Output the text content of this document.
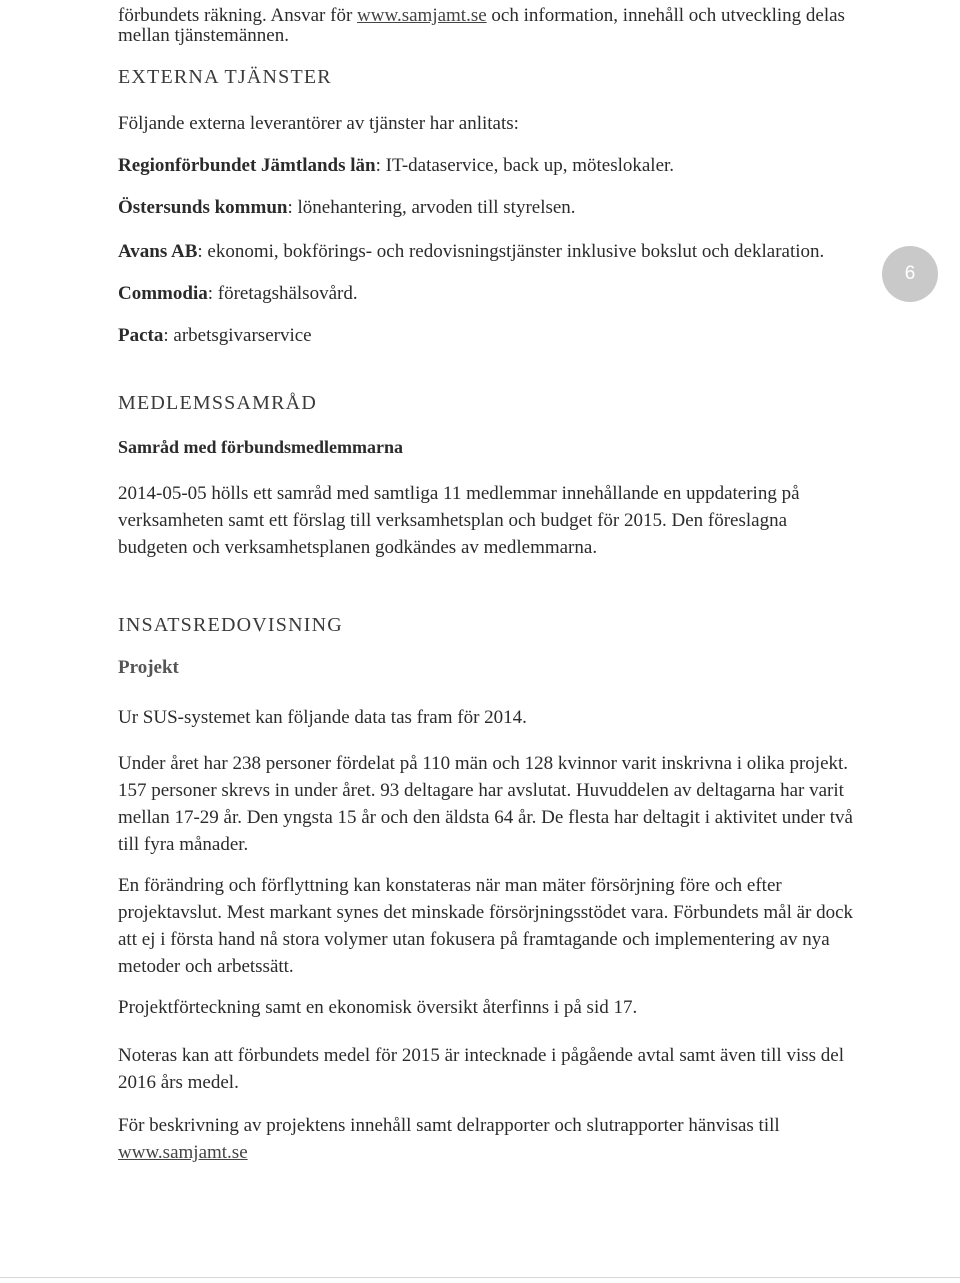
förbundets räkning. Ansvar för www.samjamt.se och information, innehåll och utveckling delas

mellan tjänstemännen.

EXTERNA TJÄNSTER

Följande externa leverantörer av tjänster har anlitats:

Regionförbundet Jämtlands län: IT-dataservice, back up, möteslokaler.

Östersunds kommun: lönehantering, arvoden till styrelsen.

Avans AB: ekonomi, bokförings- och redovisningstjänster inklusive bokslut och deklaration.

Commodia: företagshälsovård.

Pacta: arbetsgivarservice

6
MEDLEMSSAMRÅD
Samråd med förbundsmedlemmarna
2014-05-05 hölls ett samråd med samtliga 11 medlemmar innehållande en uppdatering på
verksamheten samt ett förslag till verksamhetsplan och budget för 2015. Den föreslagna
budgeten och verksamhetsplanen godkändes av medlemmarna.
INSATSREDOVISNING
Projekt
Ur SUS-systemet kan följande data tas fram för 2014.
Under året har 238 personer fördelat på 110 män och 128 kvinnor varit inskrivna i olika projekt.
157 personer skrevs in under året. 93 deltagare har avslutat. Huvuddelen av deltagarna har varit
mellan 17-29 år. Den yngsta 15 år och den äldsta 64 år. De flesta har deltagit i aktivitet under två
till fyra månader.
En förändring och förflyttning kan konstateras när man mäter försörjning före och efter
projektavslut. Mest markant synes det minskade försörjningsstödet vara. Förbundets mål är dock
att ej i första hand nå stora volymer utan fokusera på framtagande och implementering av nya
metoder och arbetssätt.
Projektförteckning samt en ekonomisk översikt återfinns i på sid 17.
Noteras kan att förbundets medel för 2015 är intecknade i pågående avtal samt även till viss del
2016 års medel.
För beskrivning av projektens innehåll samt delrapporter och slutrapporter hänvisas till
www.samjamt.se
